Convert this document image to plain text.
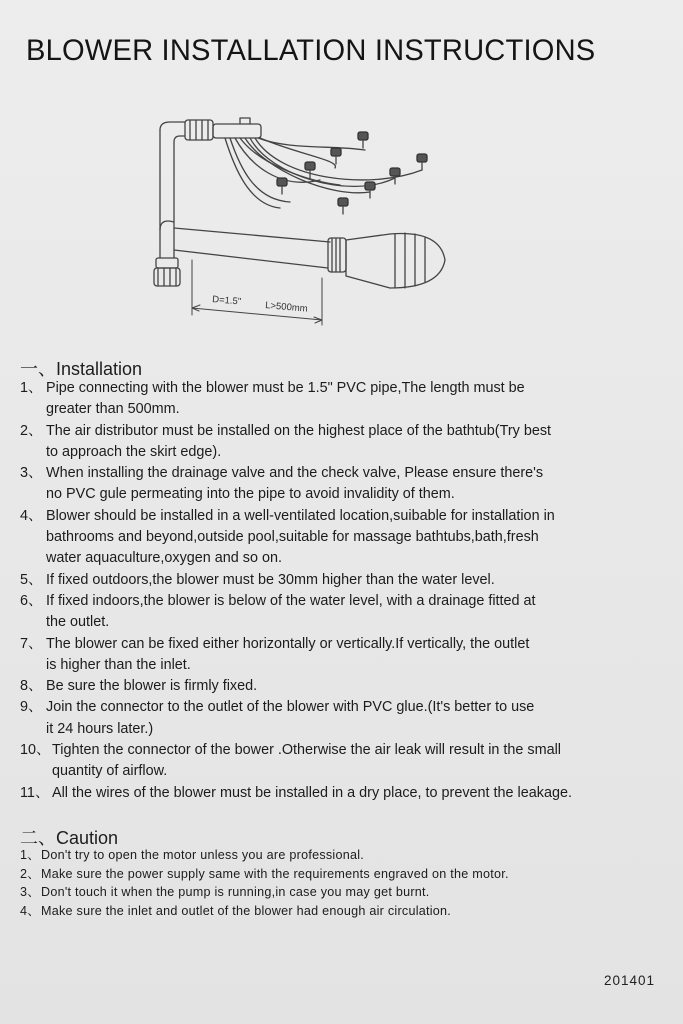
BLOWER INSTALLATION INSTRUCTIONS
D=1.5" L>500mm
一、Installation
1、 Pipe connecting with the blower must be 1.5" PVC pipe,The length must be
greater than 500mm.
2、 The air distributor must be installed on the highest place of the bathtub(Try best
to approach the skirt edge).
3、 When installing the drainage valve and the check valve, Please ensure there's
no PVC gule permeating into the pipe to avoid invalidity of them.
4、 Blower should be installed in a well-ventilated location,suibable for installation in
bathrooms and beyond,outside pool,suitable for massage bathtubs,bath,fresh
water aquaculture,oxygen and so on.
5、 If fixed outdoors,the blower must be 30mm higher than the water level.
6、 If fixed indoors,the blower is below of the water level, with a drainage fitted at
the outlet.
7、 The blower can be fixed either horizontally or vertically.If vertically, the outlet
is higher than the inlet.
8、 Be sure the blower is firmly fixed.
9、 Join the connector to the outlet of the blower with PVC glue.(It's better to use
it 24 hours later.)
10、 Tighten the connector of the bower .Otherwise the air leak will result in the small
quantity of airflow.
11、 All the wires of the blower must be installed in a dry place, to prevent the leakage.
二、Caution
1、Don't try to open the motor unless you are professional.
2、Make sure the power supply same with the requirements engraved on the motor.
3、Don't touch it when the pump is running,in case you may get burnt.
4、Make sure the inlet and outlet of the blower had enough air circulation.
201401
